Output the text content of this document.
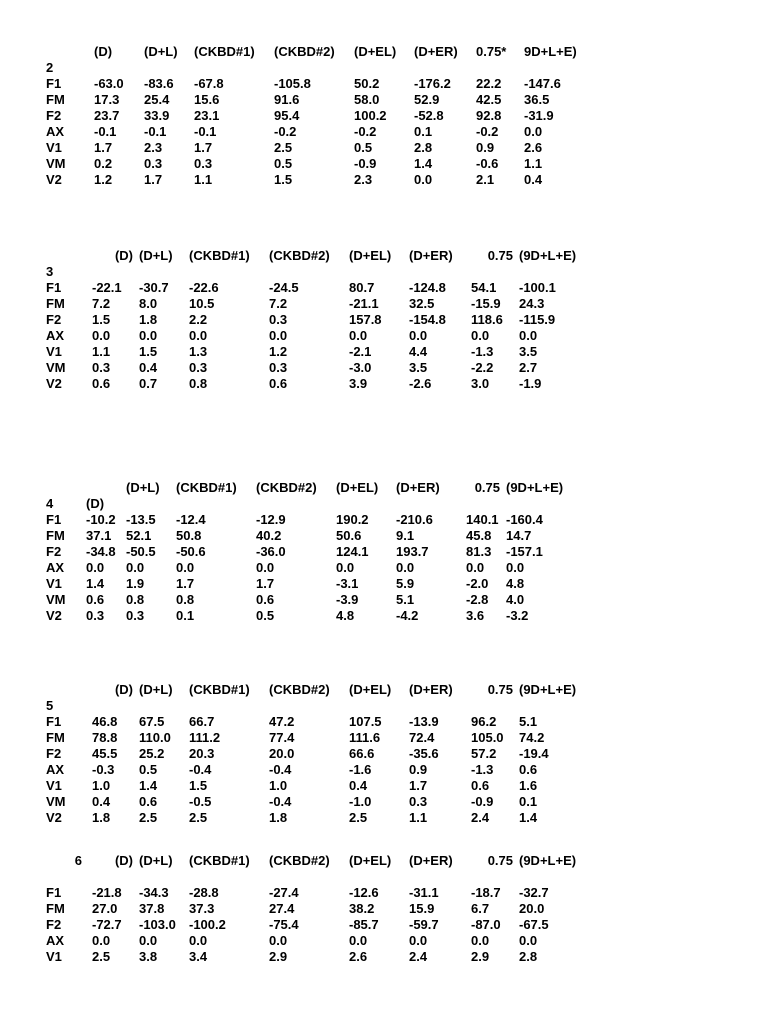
	(D)	(D+L)	(CKBD#1)	(CKBD#2)	(D+EL)	(D+ER)	0.75*	9D+L+E)
2								
F1	-63.0	-83.6	-67.8	-105.8	50.2	-176.2	22.2	-147.6
FM	17.3	25.4	15.6	91.6	58.0	52.9	42.5	36.5
F2	23.7	33.9	23.1	95.4	100.2	-52.8	92.8	-31.9
AX	-0.1	-0.1	-0.1	-0.2	-0.2	0.1	-0.2	0.0
V1	1.7	2.3	1.7	2.5	0.5	2.8	0.9	2.6
VM	0.2	0.3	0.3	0.5	-0.9	1.4	-0.6	1.1
V2	1.2	1.7	1.1	1.5	2.3	0.0	2.1	0.4
	(D)	(D+L)	(CKBD#1)	(CKBD#2)	(D+EL)	(D+ER)	0.75	(9D+L+E)
3								
F1	-22.1	-30.7	-22.6	-24.5	80.7	-124.8	54.1	-100.1
FM	7.2	8.0	10.5	7.2	-21.1	32.5	-15.9	24.3
F2	1.5	1.8	2.2	0.3	157.8	-154.8	118.6	-115.9
AX	0.0	0.0	0.0	0.0	0.0	0.0	0.0	0.0
V1	1.1	1.5	1.3	1.2	-2.1	4.4	-1.3	3.5
VM	0.3	0.4	0.3	0.3	-3.0	3.5	-2.2	2.7
V2	0.6	0.7	0.8	0.6	3.9	-2.6	3.0	-1.9
		(D+L)	(CKBD#1)	(CKBD#2)	(D+EL)	(D+ER)	0.75	(9D+L+E)
4	(D)							
F1	-10.2	-13.5	-12.4	-12.9	190.2	-210.6	140.1	-160.4
FM	37.1	52.1	50.8	40.2	50.6	9.1	45.8	14.7
F2	-34.8	-50.5	-50.6	-36.0	124.1	193.7	81.3	-157.1
AX	0.0	0.0	0.0	0.0	0.0	0.0	0.0	0.0
V1	1.4	1.9	1.7	1.7	-3.1	5.9	-2.0	4.8
VM	0.6	0.8	0.8	0.6	-3.9	5.1	-2.8	4.0
V2	0.3	0.3	0.1	0.5	4.8	-4.2	3.6	-3.2
	(D)	(D+L)	(CKBD#1)	(CKBD#2)	(D+EL)	(D+ER)	0.75	(9D+L+E)
5								
F1	46.8	67.5	66.7	47.2	107.5	-13.9	96.2	5.1
FM	78.8	110.0	111.2	77.4	111.6	72.4	105.0	74.2
F2	45.5	25.2	20.3	20.0	66.6	-35.6	57.2	-19.4
AX	-0.3	0.5	-0.4	-0.4	-1.6	0.9	-1.3	0.6
V1	1.0	1.4	1.5	1.0	0.4	1.7	0.6	1.6
VM	0.4	0.6	-0.5	-0.4	-1.0	0.3	-0.9	0.1
V2	1.8	2.5	2.5	1.8	2.5	1.1	2.4	1.4
6	(D)	(D+L)	(CKBD#1)	(CKBD#2)	(D+EL)	(D+ER)	0.75	(9D+L+E)

F1	-21.8	-34.3	-28.8	-27.4	-12.6	-31.1	-18.7	-32.7
FM	27.0	37.8	37.3	27.4	38.2	15.9	6.7	20.0
F2	-72.7	-103.0	-100.2	-75.4	-85.7	-59.7	-87.0	-67.5
AX	0.0	0.0	0.0	0.0	0.0	0.0	0.0	0.0
V1	2.5	3.8	3.4	2.9	2.6	2.4	2.9	2.8
